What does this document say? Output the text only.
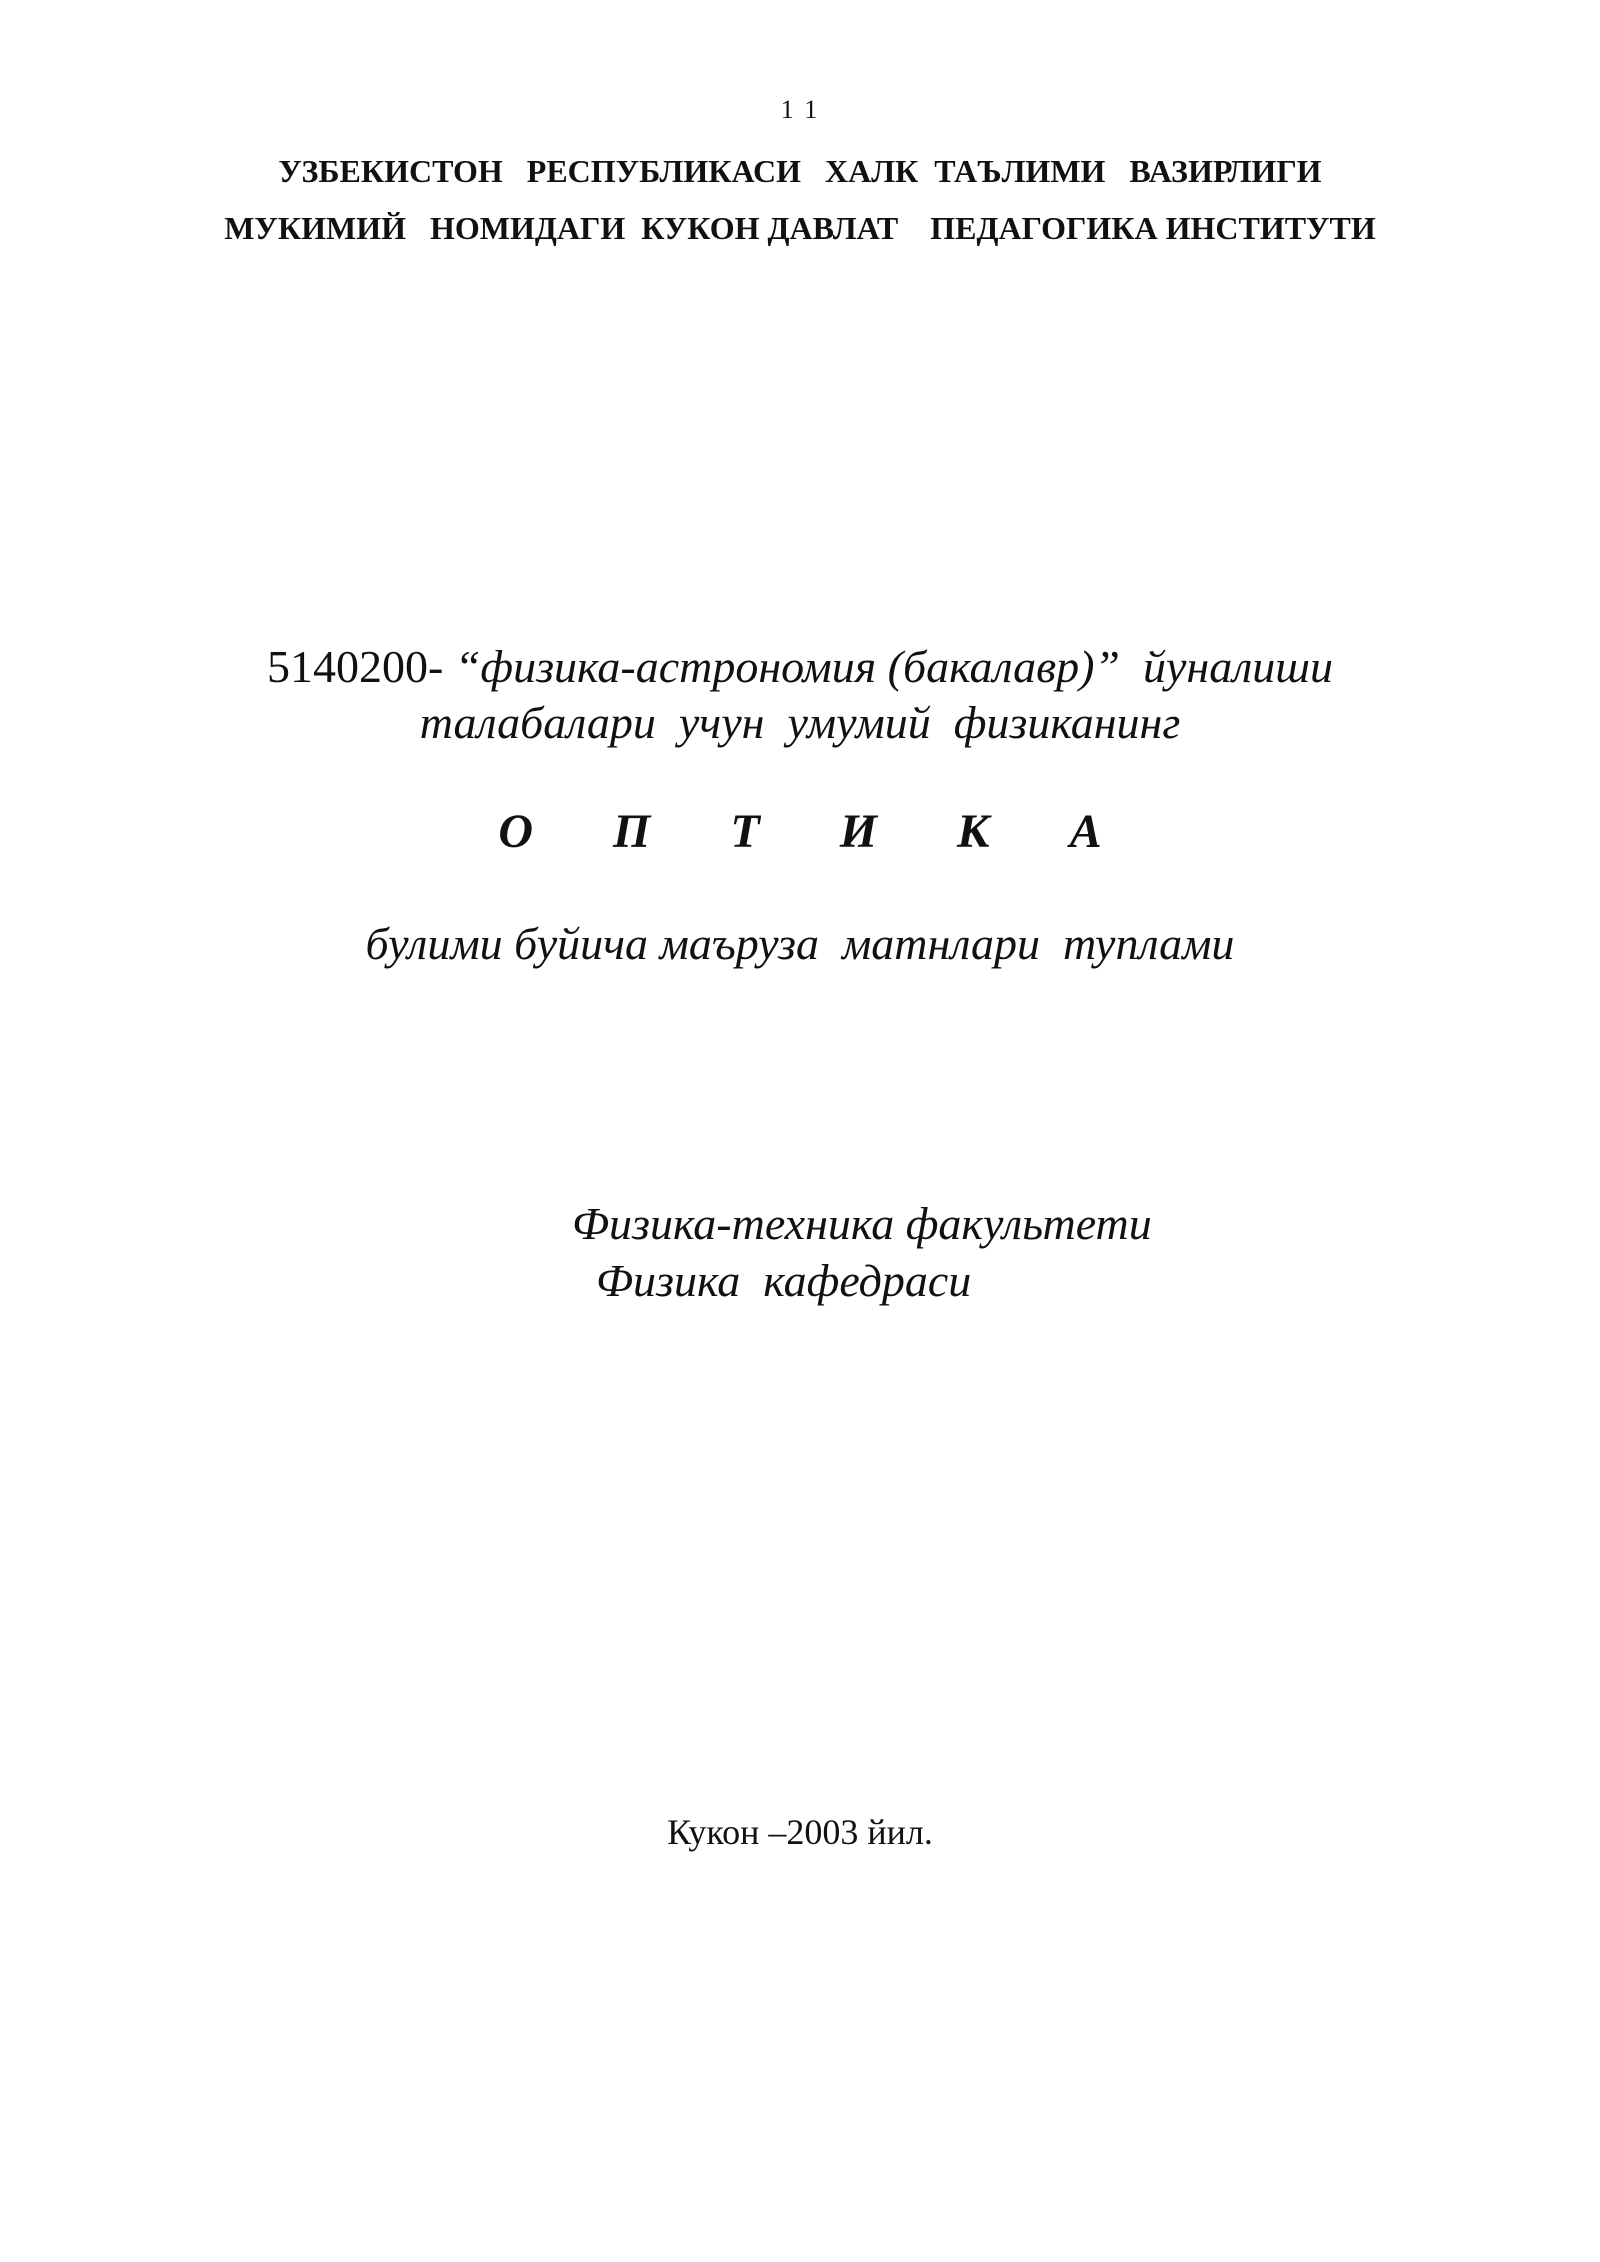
1 1
УЗБЕКИСТОН   РЕСПУБЛИКАСИ   ХАЛК  ТАЪЛИМИ   ВАЗИРЛИГИ
МУКИМИЙ   НОМИДАГИ  КУКОН ДАВЛАТ    ПЕДАГОГИКА ИНСТИТУТИ
5140200- “физика-астрономия (бакалавр)”  йуналиши
талабалари  учун  умумий  физиканинг
О П Т И К А
булими буйича маъруза  матнлари  туплами
Физика-техника факультети
Физика  кафедраси
Кукон –2003 йил.
